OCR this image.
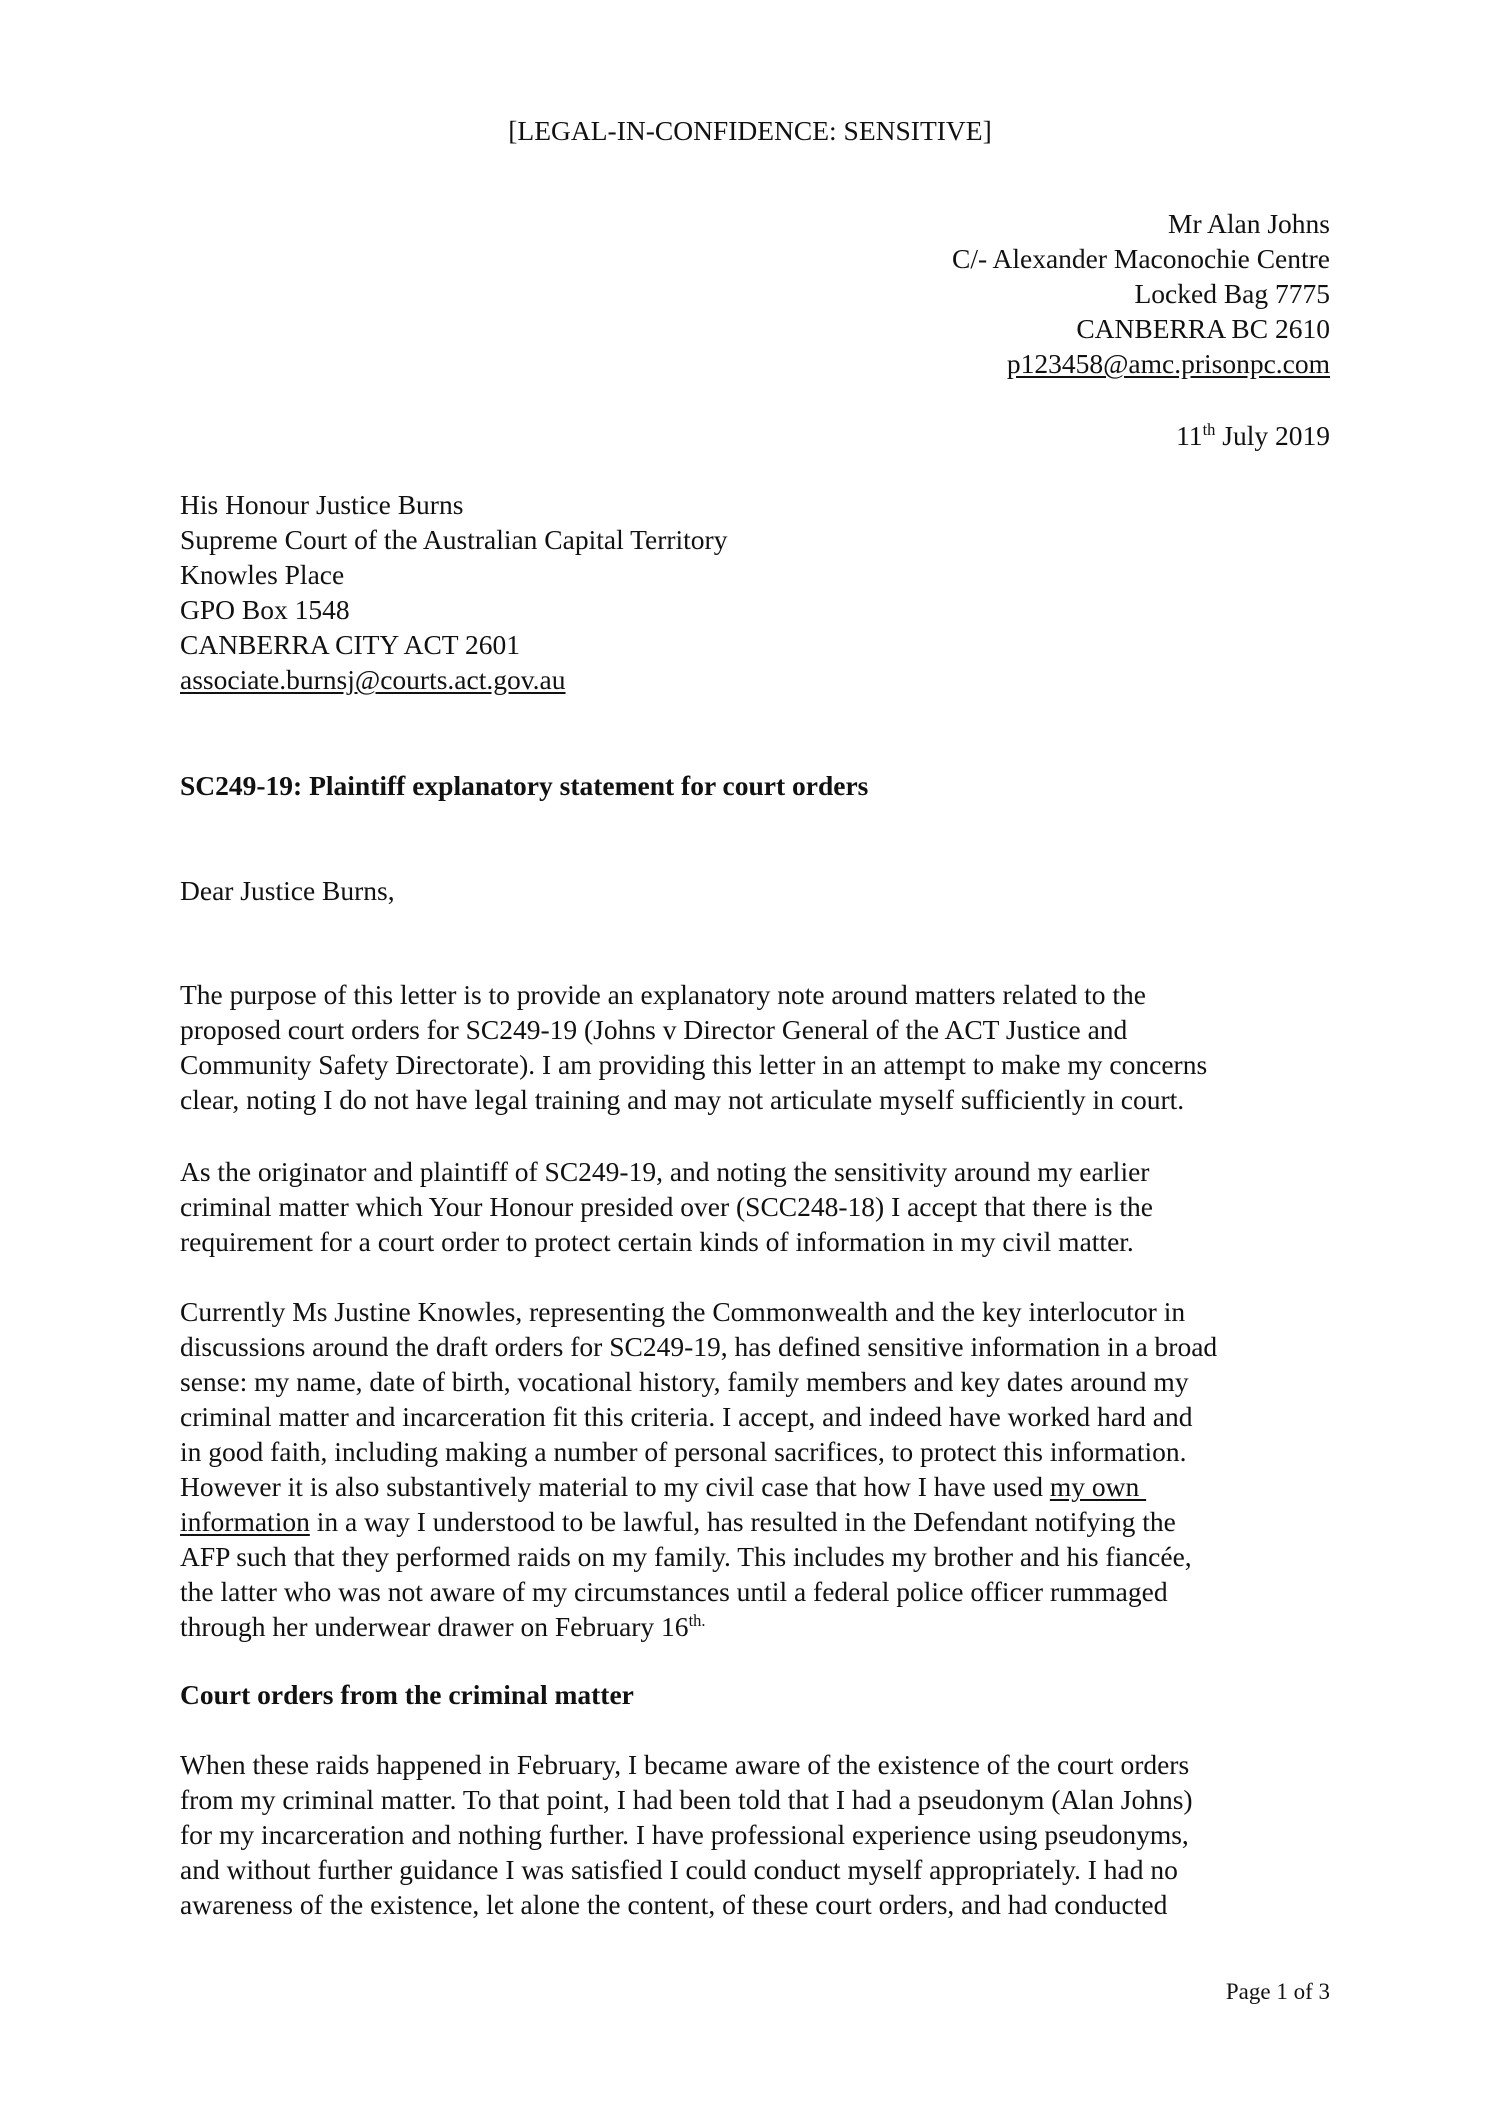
[LEGAL-IN-CONFIDENCE: SENSITIVE]
Mr Alan Johns
C/- Alexander Maconochie Centre
Locked Bag 7775
CANBERRA BC 2610
p123458@amc.prisonpc.com
11th July 2019
His Honour Justice Burns
Supreme Court of the Australian Capital Territory
Knowles Place
GPO Box 1548
CANBERRA CITY ACT 2601
associate.burnsj@courts.act.gov.au
SC249-19: Plaintiff explanatory statement for court orders
Dear Justice Burns,
The purpose of this letter is to provide an explanatory note around matters related to the
proposed court orders for SC249-19 (Johns v Director General of the ACT Justice and
Community Safety Directorate). I am providing this letter in an attempt to make my concerns
clear, noting I do not have legal training and may not articulate myself sufficiently in court.
As the originator and plaintiff of SC249-19, and noting the sensitivity around my earlier
criminal matter which Your Honour presided over (SCC248-18) I accept that there is the
requirement for a court order to protect certain kinds of information in my civil matter.
Currently Ms Justine Knowles, representing the Commonwealth and the key interlocutor in
discussions around the draft orders for SC249-19, has defined sensitive information in a broad
sense: my name, date of birth, vocational history, family members and key dates around my
criminal matter and incarceration fit this criteria. I accept, and indeed have worked hard and
in good faith, including making a number of personal sacrifices, to protect this information.
However it is also substantively material to my civil case that how I have used my own
information in a way I understood to be lawful, has resulted in the Defendant notifying the
AFP such that they performed raids on my family. This includes my brother and his fiancée,
the latter who was not aware of my circumstances until a federal police officer rummaged
through her underwear drawer on February $16^{th.}$
Court orders from the criminal matter
When these raids happened in February, I became aware of the existence of the court orders
from my criminal matter. To that point, I had been told that I had a pseudonym (Alan Johns)
for my incarceration and nothing further. I have professional experience using pseudonyms,
and without further guidance I was satisfied I could conduct myself appropriately. I had no
awareness of the existence, let alone the content, of these court orders, and had conducted
Page 1 of 3
